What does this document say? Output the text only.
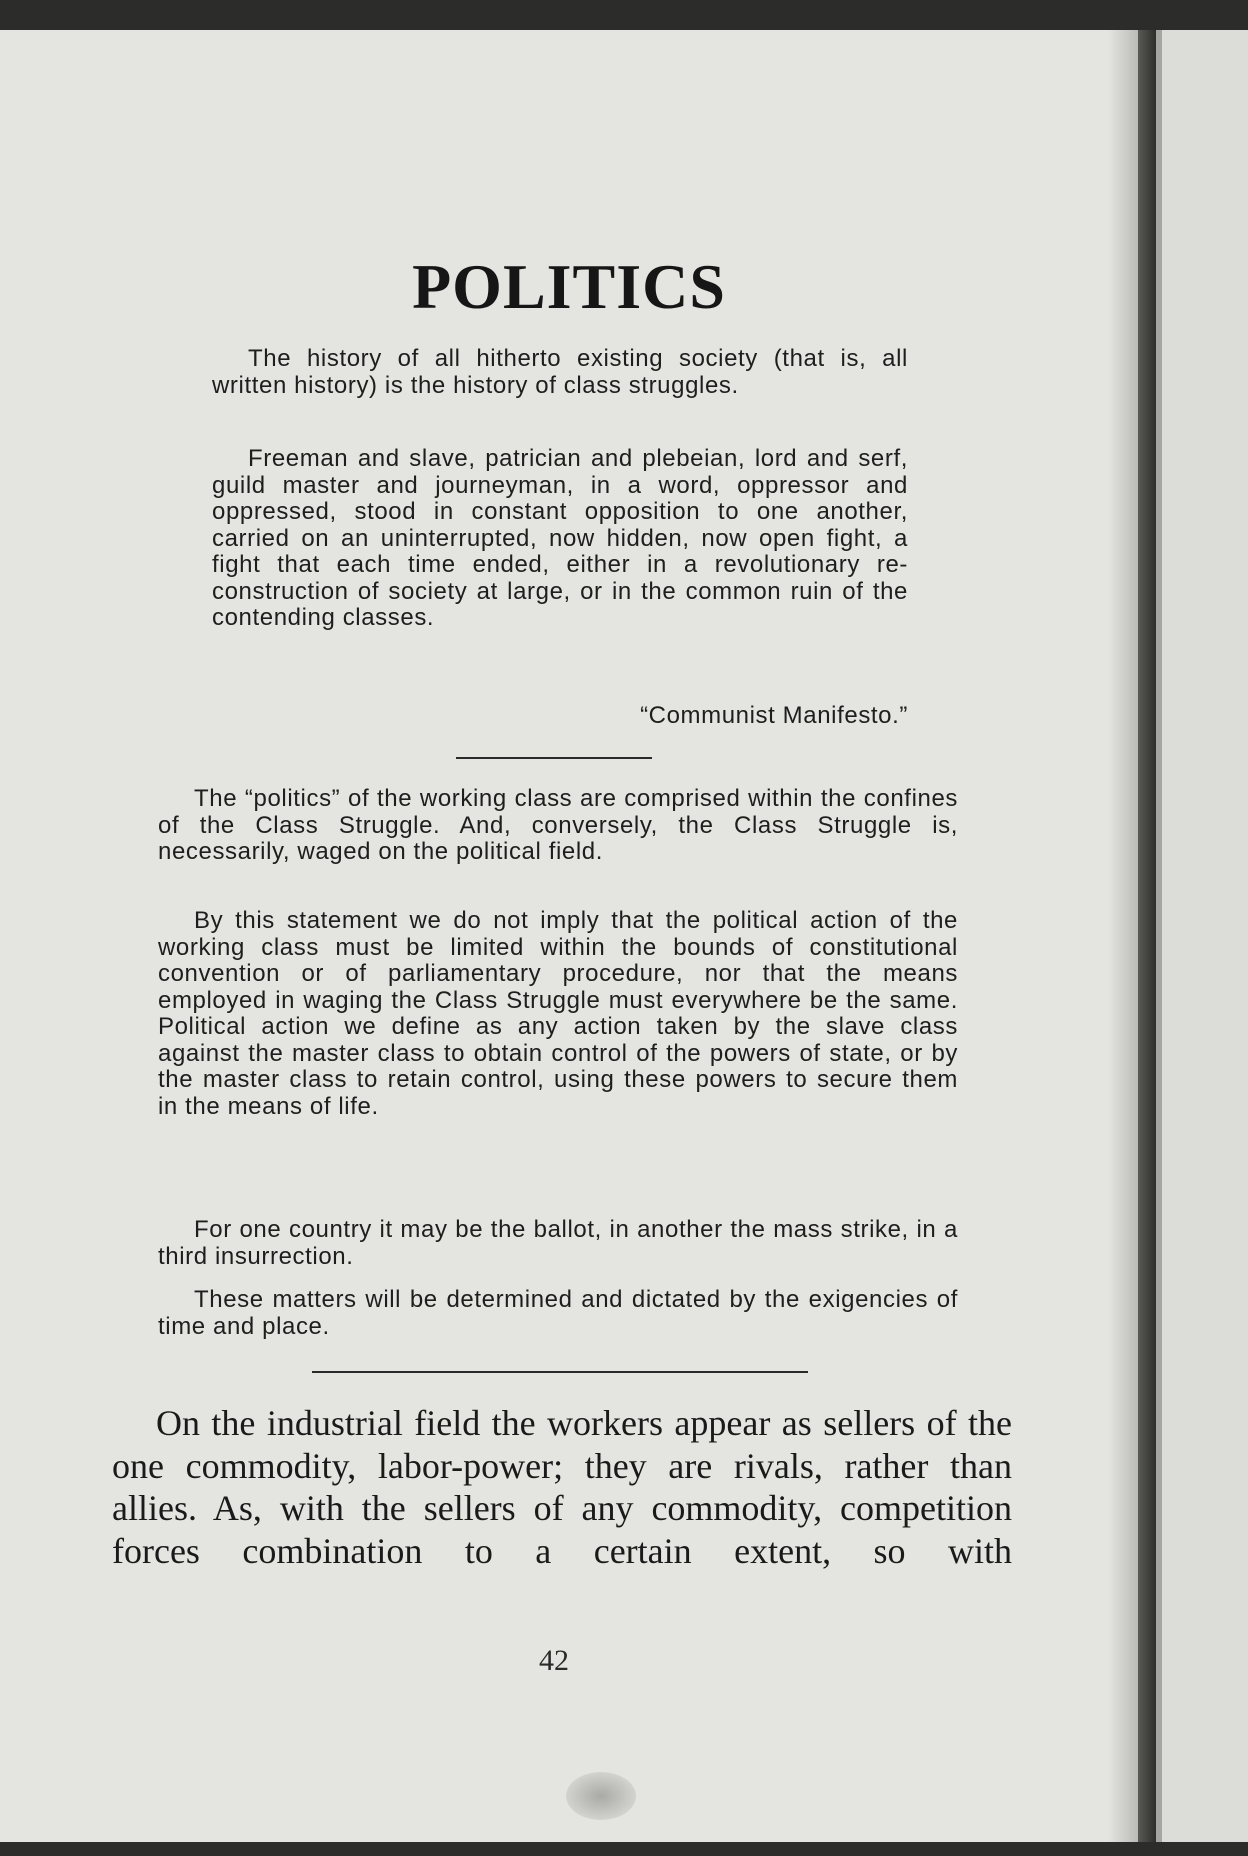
POLITICS

The history of all hitherto existing society (that is, all written history) is the history of class struggles.

Freeman and slave, patrician and plebeian, lord and serf, guild master and journeyman, in a word, oppressor and oppressed, stood in constant opposition to one another, carried on an uninterrupted, now hidden, now open fight, a fight that each time ended, either in a revolutionary re-construction of society at large, or in the common ruin of the contending classes.

“Communist Manifesto.”

The “politics” of the working class are comprised within the confines of the Class Struggle. And, conversely, the Class Struggle is, necessarily, waged on the political field.

By this statement we do not imply that the political action of the working class must be limited within the bounds of constitutional convention or of parliamentary procedure, nor that the means employed in waging the Class Struggle must everywhere be the same. Political action we define as any action taken by the slave class against the master class to obtain control of the powers of state, or by the master class to retain control, using these powers to secure them in the means of life.

For one country it may be the ballot, in another the mass strike, in a third insurrection.

These matters will be determined and dictated by the exigencies of time and place.

On the industrial field the workers appear as sellers of the one commodity, labor-power; they are rivals, rather than allies. As, with the sellers of any commodity, competition forces combination to a certain extent, so with

42
